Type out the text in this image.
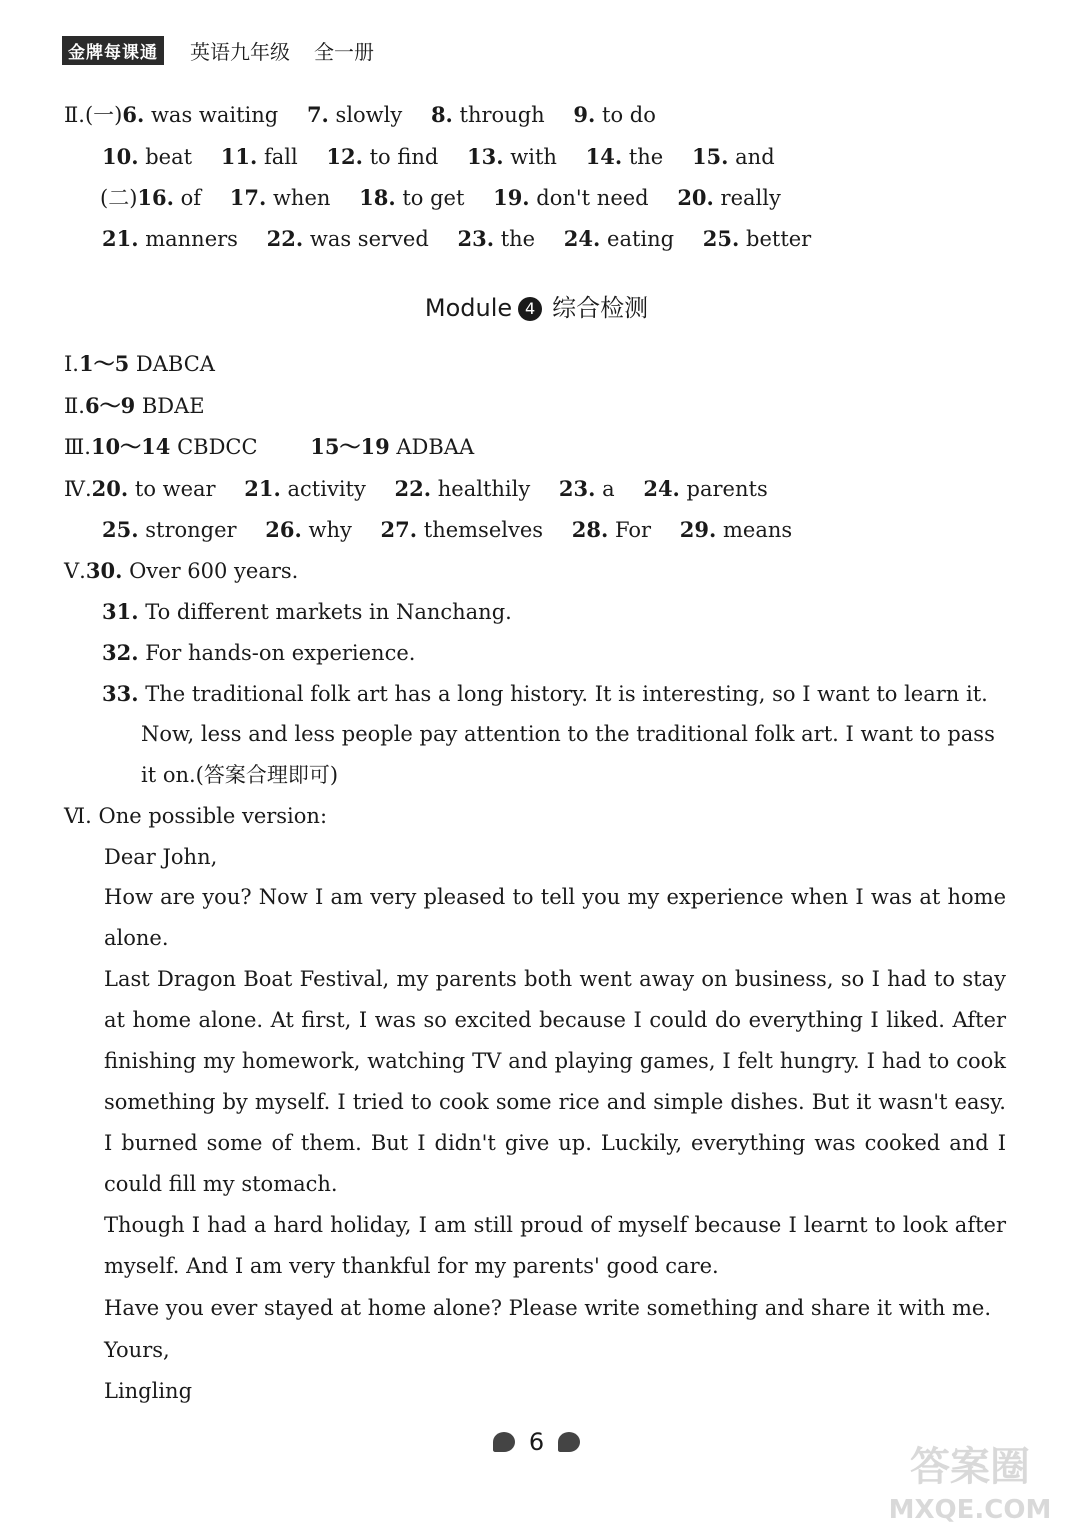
金牌每课通	英语九年级 全一册
Ⅱ.(一)6. was waiting 7. slowly 8. through 9. to do
10. beat 11. fall 12. to find 13. with 14. the 15. and
(二)16. of 17. when 18. to get 19. don't need 20. really
21. manners 22. was served 23. the 24. eating 25. better
Module 4 综合检测
Ⅰ.1～5 DABCA
Ⅱ.6～9 BDAE
Ⅲ.10～14 CBDCC	15～19 ADBAA
Ⅳ.20. to wear 21. activity 22. healthily 23. a 24. parents
25. stronger 26. why 27. themselves 28. For 29. means
Ⅴ.30. Over 600 years.
31. To different markets in Nanchang.
32. For hands-on experience.
33. The traditional folk art has a long history. It is interesting, so I want to learn it.
Now, less and less people pay attention to the traditional folk art. I want to pass
it on.(答案合理即可)
Ⅵ. One possible version:
Dear John,
How are you? Now I am very pleased to tell you my experience when I was at home alone.
Last Dragon Boat Festival, my parents both went away on business, so I had to stay at home alone. At first, I was so excited because I could do everything I liked. After finishing my homework, watching TV and playing games, I felt hungry. I had to cook something by myself. I tried to cook some rice and simple dishes. But it wasn't easy. I burned some of them. But I didn't give up. Luckily, everything was cooked and I could fill my stomach.
Though I had a hard holiday, I am still proud of myself because I learnt to look after myself. And I am very thankful for my parents' good care.
Have you ever stayed at home alone? Please write something and share it with me.
Yours,
Lingling
6
答案圈
MXQE.COM
